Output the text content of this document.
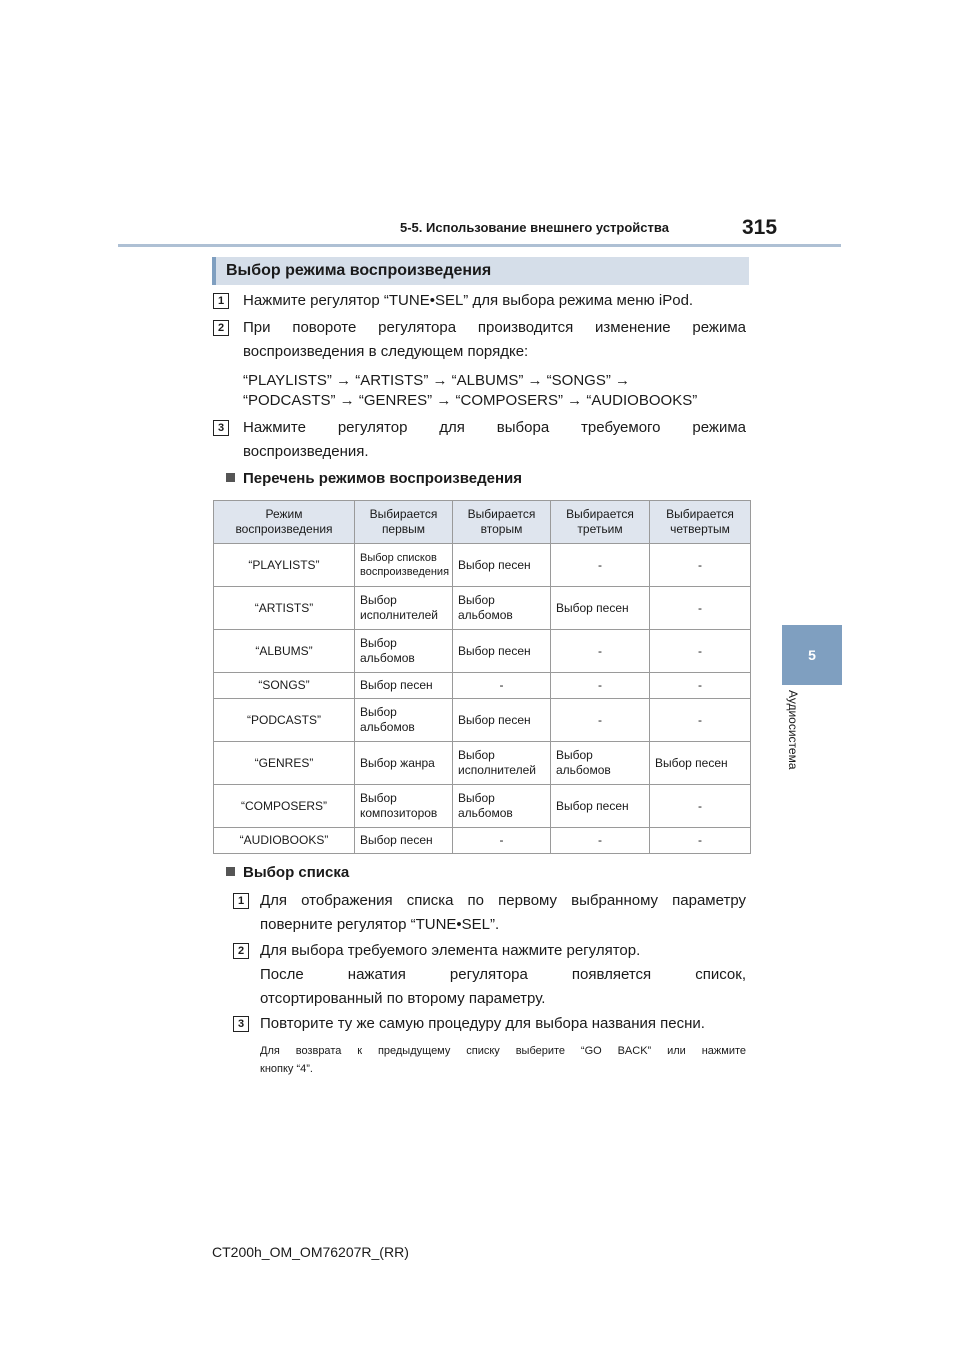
5-5. Использование внешнего устройства	315
5
Аудиосистема
Выбор режима воспроизведения
1	Нажмите регулятор “TUNE•SEL” для выбора режима меню iPod.
2	При повороте регулятора производится изменение режима
воспроизведения в следующем порядке:
“PLAYLISTS” → “ARTISTS” → “ALBUMS” → “SONGS” →
“PODCASTS” → “GENRES” → “COMPOSERS” → “AUDIOBOOKS”
3	Нажмите регулятор для выбора требуемого режима
воспроизведения.
Перечень режимов воспроизведения
Режим воспроизведения	Выбирается первым	Выбирается вторым	Выбирается третьим	Выбирается четвертым
“PLAYLISTS”	Выбор списков воспроизведения	Выбор песен	-	-
“ARTISTS”	Выбор исполнителей	Выбор альбомов	Выбор песен	-
“ALBUMS”	Выбор альбомов	Выбор песен	-	-
“SONGS”	Выбор песен	-	-	-
“PODCASTS”	Выбор альбомов	Выбор песен	-	-
“GENRES”	Выбор жанра	Выбор исполнителей	Выбор альбомов	Выбор песен
“COMPOSERS”	Выбор композиторов	Выбор альбомов	Выбор песен	-
“AUDIOBOOKS”	Выбор песен	-	-	-
Выбор списка
1	Для отображения списка по первому выбранному параметру
поверните регулятор “TUNE•SEL”.
2	Для выбора требуемого элемента нажмите регулятор.
После нажатия регулятора появляется список,
отсортированный по второму параметру.
3	Повторите ту же самую процедуру для выбора названия песни.
Для возврата к предыдущему списку выберите “GO BACK” или нажмите
кнопку “4”.
CT200h_OM_OM76207R_(RR)
